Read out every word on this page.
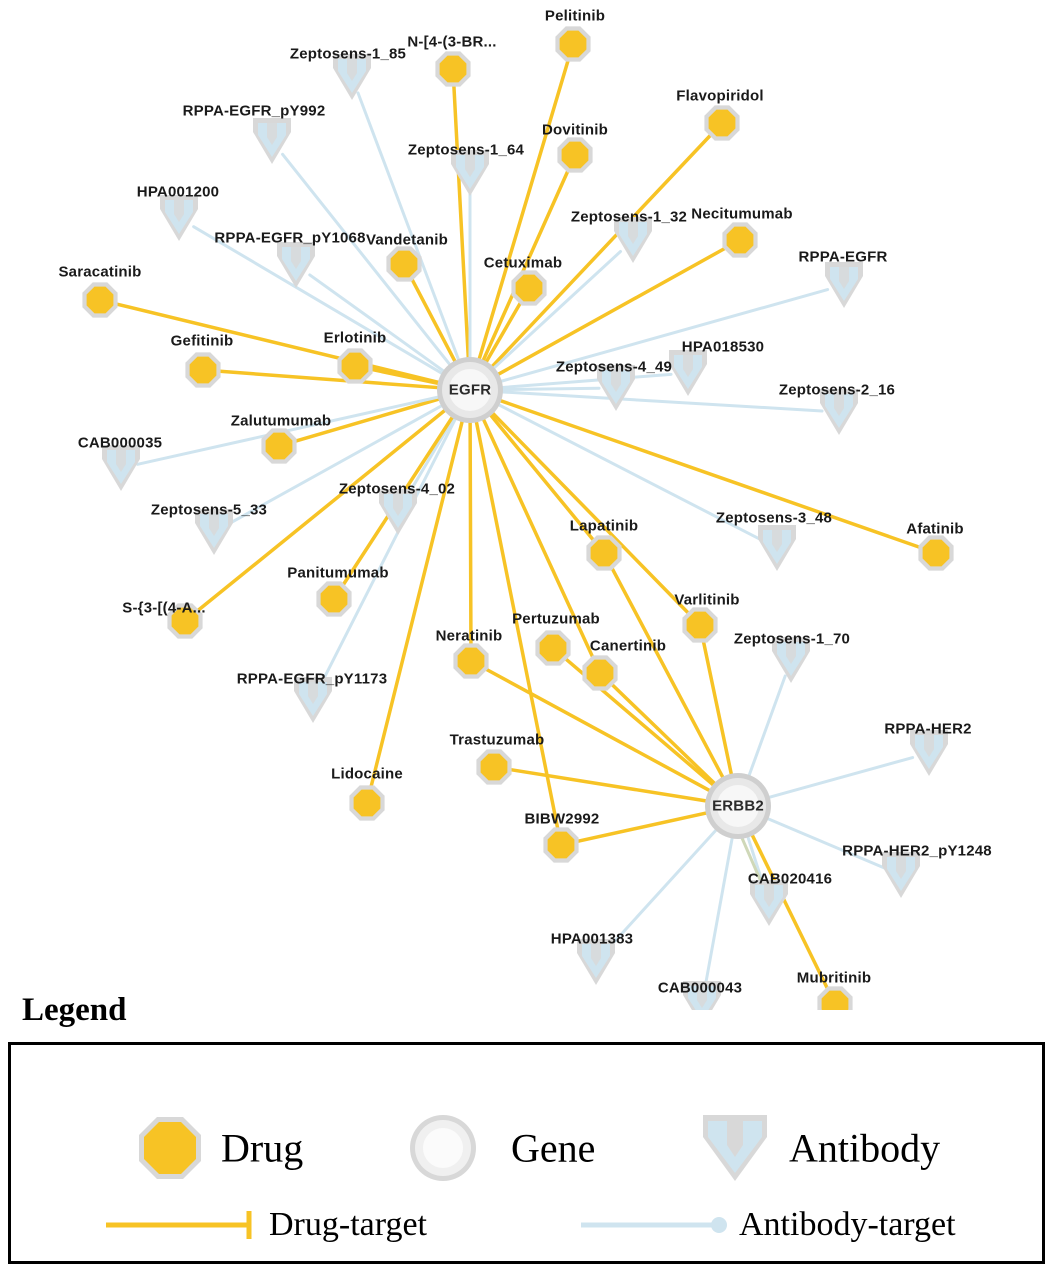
Pelitinib
N-[4-(3-BR...
Zeptosens-1_85
RPPA-EGFR_pY992
Flavopiridol
Dovitinib
Zeptosens-1_64
HPA001200
Necitumumab
Zeptosens-1_32
RPPA-EGFR_pY1068 Vandetanib
Cetuximab	RPPA-EGFR
Saracatinib
Gefitinib	Erlotinib
HPA018530
Zeptosens-4_49
Zeptosens-2_16
Zalutumumab
CAB000035
Zeptosens-4_02
Zeptosens-5_33
Afatinib
Lapatinib	Zeptosens-3_48
Panitumumab
Varlitinib
S-{3-[(4-A...
Pertuzumab
Neratinib
Canertinib	Zeptosens-1_70
RPPA-EGFR_pY1173
RPPA-HER2
Trastuzumab
Lidocaine
BIBW2992
RPPA-HER2_pY1248
CAB020416
HPA001383
CAB000043
Mubritinib
EGFR
ERBB2
Legend
Drug	Gene	Antibody
Drug-target	Antibody-target
